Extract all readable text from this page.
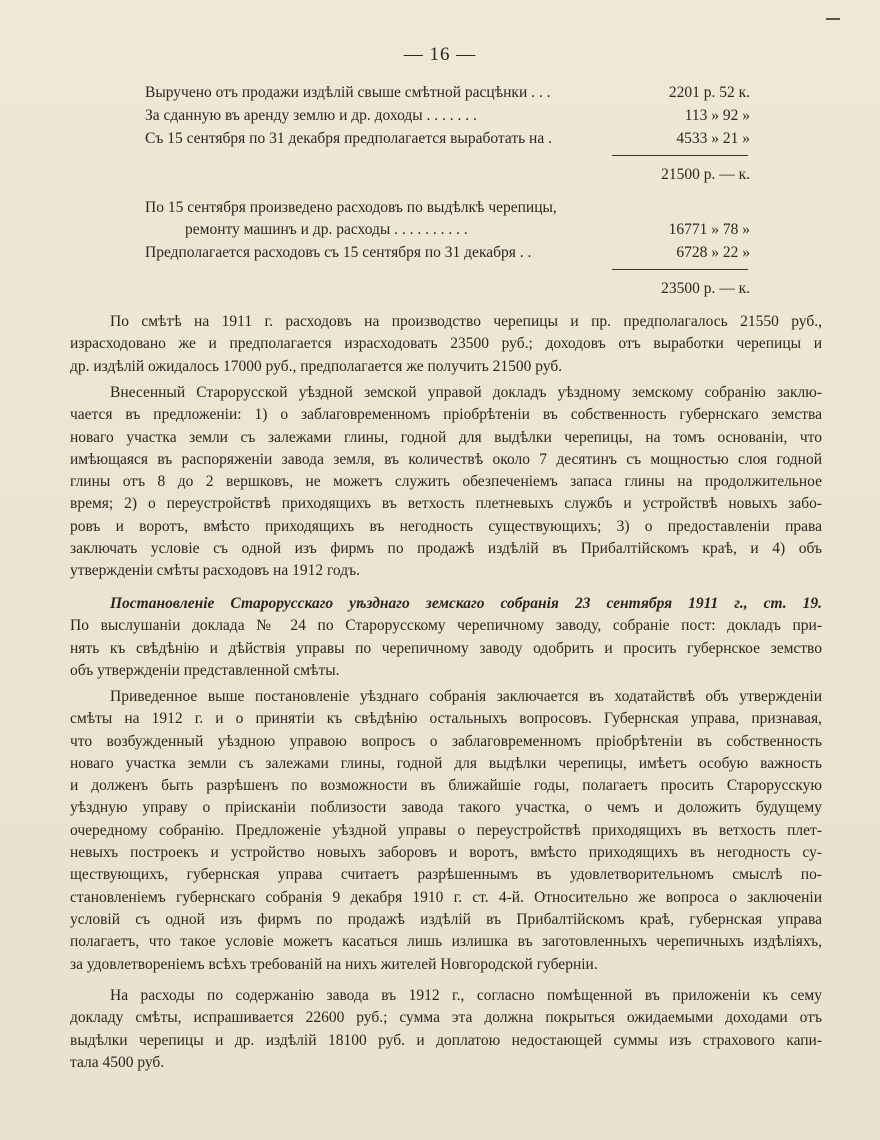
— 16 —
Выручено отъ продажи издѣлій свыше смѣтной расцѣнки . . .	2201 р. 52 к.
За сданную въ аренду землю и др. доходы . . . . . . .	113 » 92 »
Съ 15 сентября по 31 декабря предполагается выработать на .	4533 » 21 »
21500 р. — к.
По 15 сентября произведено расходовъ по выдѣлкѣ черепицы,
ремонту машинъ и др. расходы . . . . . . . . . .	16771 » 78 »
Предполагается расходовъ съ 15 сентября по 31 декабря . .	6728 » 22 »
23500 р. — к.
По смѣтѣ на 1911 г. расходовъ на производство черепицы и пр. предполагалось 21550 руб.,
израсходовано же и предполагается израсходовать 23500 руб.; доходовъ отъ выработки черепицы и
др. издѣлій ожидалось 17000 руб., предполагается же получить 21500 руб.
Внесенный Старорусской уѣздной земской управой докладъ уѣздному земскому собранію заклю-
чается въ предложеніи: 1) о заблаговременномъ пріобрѣтеніи въ собственность губернскаго земства
новаго участка земли съ залежами глины, годной для выдѣлки черепицы, на томъ основаніи, что
имѣющаяся въ распоряженіи завода земля, въ количествѣ около 7 десятинъ съ мощностью слоя годной
глины отъ 8 до 2 вершковъ, не можетъ служить обезпеченіемъ запаса глины на продолжительное
время; 2) о переустройствѣ приходящихъ въ ветхость плетневыхъ службъ и устройствѣ новыхъ забо-
ровъ и воротъ, вмѣсто приходящихъ въ негодность существующихъ; 3) о предоставленіи права
заключать условіе съ одной изъ фирмъ по продажѣ издѣлій въ Прибалтійскомъ краѣ, и 4) объ
утвержденіи смѣты расходовъ на 1912 годъ.
Постановленіе Старорусскаго уѣзднаго земскаго собранія 23 сентября 1911 г., ст. 19.
По выслушаніи доклада № 24 по Старорусскому черепичному заводу, собраніе пост: докладъ при-
нять къ свѣдѣнію и дѣйствія управы по черепичному заводу одобрить и просить губернское земство
объ утвержденіи представленной смѣты.
Приведенное выше постановленіе уѣзднаго собранія заключается въ ходатайствѣ объ утвержденіи
смѣты на 1912 г. и о принятіи къ свѣдѣнію остальныхъ вопросовъ. Губернская управа, признавая,
что возбужденный уѣздною управою вопросъ о заблаговременномъ пріобрѣтеніи въ собственность
новаго участка земли съ залежами глины, годной для выдѣлки черепицы, имѣетъ особую важность
и долженъ быть разрѣшенъ по возможности въ ближайшіе годы, полагаетъ просить Старорусскую
уѣздную управу о прiисканіи поблизости завода такого участка, о чемъ и доложить будущему
очередному собранію. Предложеніе уѣздной управы о переустройствѣ приходящихъ въ ветхость плет-
невыхъ построекъ и устройство новыхъ заборовъ и воротъ, вмѣсто приходящихъ въ негодность су-
ществующихъ, губернская управа считаетъ разрѣшеннымъ въ удовлетворительномъ смыслѣ по-
становленіемъ губернскаго собранія 9 декабря 1910 г. ст. 4-й. Относительно же вопроса о заключеніи
условій съ одной изъ фирмъ по продажѣ издѣлій въ Прибалтійскомъ краѣ, губернская управа
полагаетъ, что такое условіе можетъ касаться лишь излишка въ заготовленныхъ черепичныхъ издѣліяхъ,
за удовлетвореніемъ всѣхъ требованій на нихъ жителей Новгородской губерніи.
На расходы по содержанію завода въ 1912 г., согласно помѣщенной въ приложеніи къ сему
докладу смѣты, испрашивается 22600 руб.; сумма эта должна покрыться ожидаемыми доходами отъ
выдѣлки черепицы и др. издѣлій 18100 руб. и доплатою недостающей суммы изъ страхового капи-
тала 4500 руб.
